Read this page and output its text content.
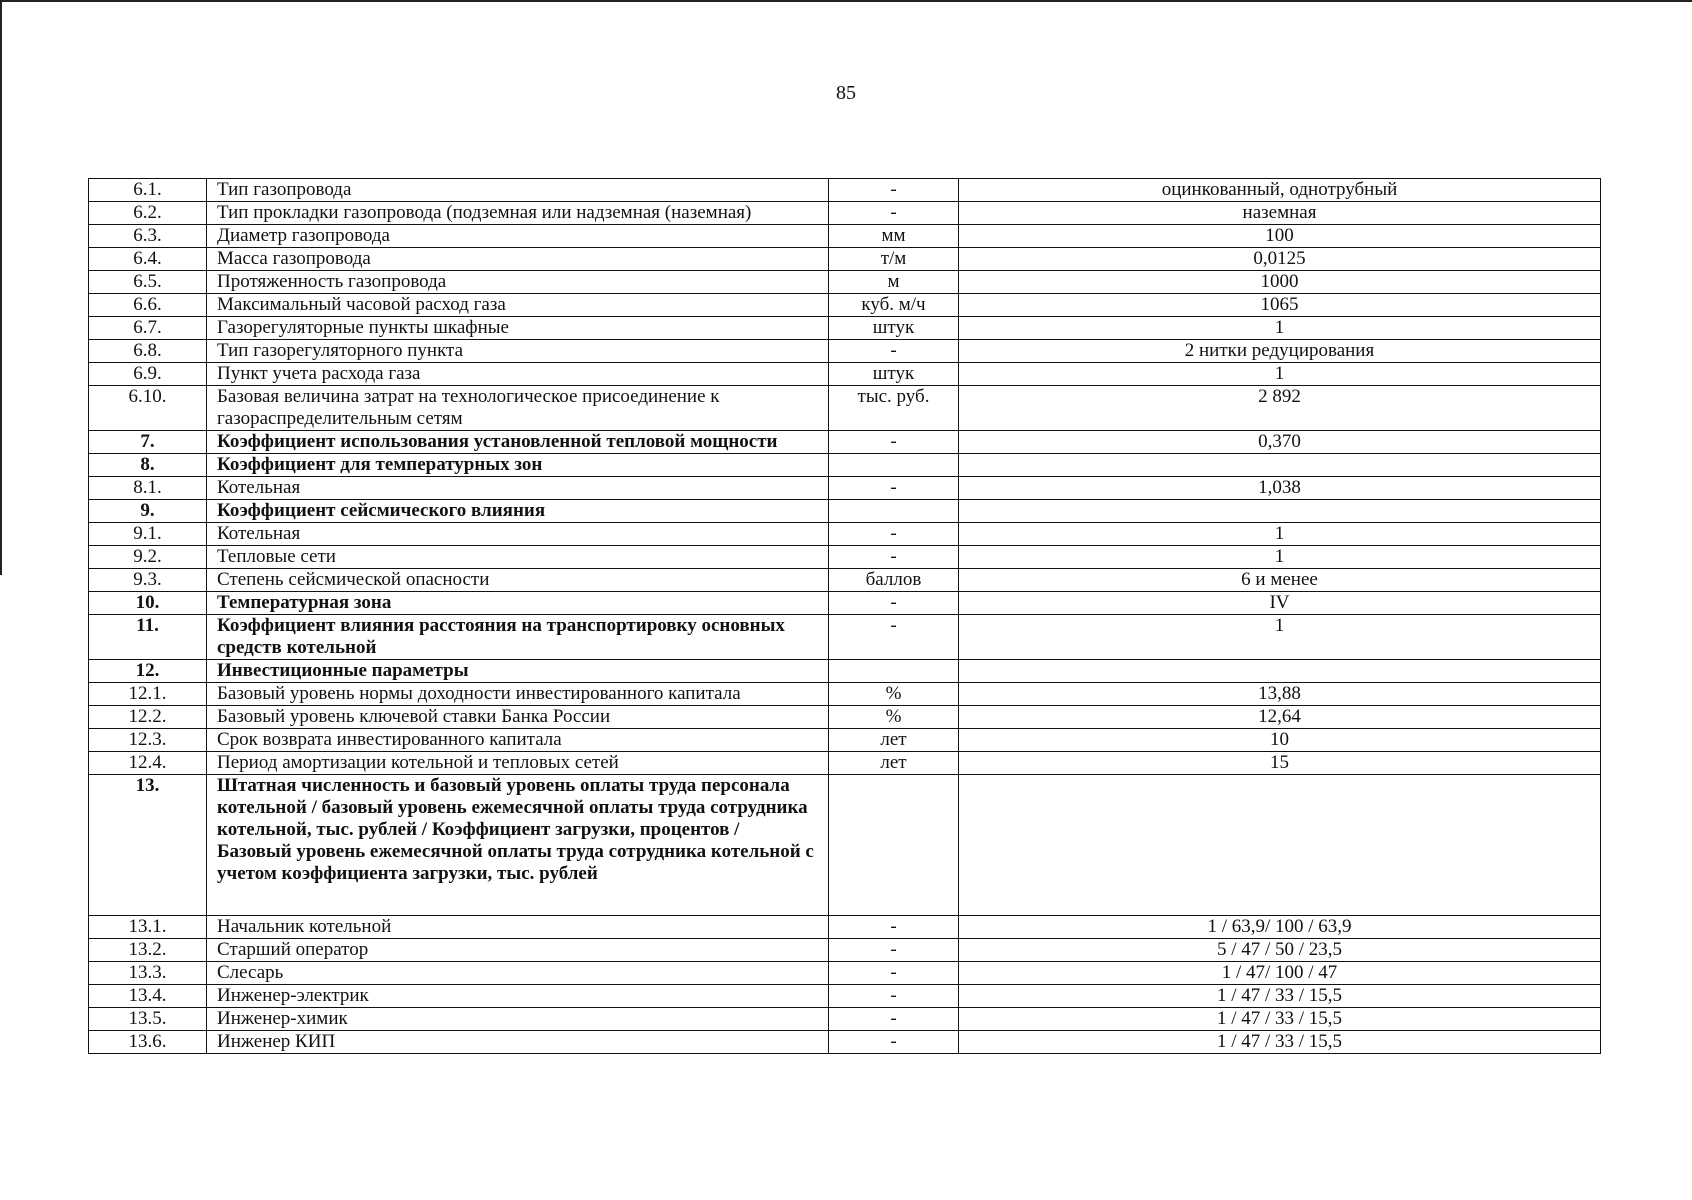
85
6.1.	Тип газопровода	-	оцинкованный, однотрубный
6.2.	Тип прокладки газопровода (подземная или надземная (наземная)	-	наземная
6.3.	Диаметр газопровода	мм	100
6.4.	Масса газопровода	т/м	0,0125
6.5.	Протяженность газопровода	м	1000
6.6.	Максимальный часовой расход газа	куб. м/ч	1065
6.7.	Газорегуляторные пункты шкафные	штук	1
6.8.	Тип газорегуляторного пункта	-	2 нитки редуцирования
6.9.	Пункт учета расхода газа	штук	1
6.10.	Базовая величина затрат на технологическое присоединение к газораспределительным сетям	тыс. руб.	2 892
7.	Коэффициент использования установленной тепловой мощности	-	0,370
8.	Коэффициент для температурных зон		
8.1.	Котельная	-	1,038
9.	Коэффициент сейсмического влияния		
9.1.	Котельная	-	1
9.2.	Тепловые сети	-	1
9.3.	Степень сейсмической опасности	баллов	6 и менее
10.	Температурная зона	-	IV
11.	Коэффициент влияния расстояния на транспортировку основных средств котельной	-	1
12.	Инвестиционные параметры		
12.1.	Базовый уровень нормы доходности инвестированного капитала	%	13,88
12.2.	Базовый уровень ключевой ставки Банка России	%	12,64
12.3.	Срок возврата инвестированного капитала	лет	10
12.4.	Период амортизации котельной и тепловых сетей	лет	15
13.	Штатная численность и базовый уровень оплаты труда персонала котельной / базовый уровень ежемесячной оплаты труда сотрудника котельной, тыс. рублей / Коэффициент загрузки, процентов / Базовый уровень ежемесячной оплаты труда сотрудника котельной с учетом коэффициента загрузки, тыс. рублей		
13.1.	Начальник котельной	-	1 / 63,9/ 100 / 63,9
13.2.	Старший оператор	-	5 / 47 / 50 / 23,5
13.3.	Слесарь	-	1 / 47/ 100 / 47
13.4.	Инженер-электрик	-	1 / 47 / 33 / 15,5
13.5.	Инженер-химик	-	1 / 47 / 33 / 15,5
13.6.	Инженер КИП	-	1 / 47 / 33 / 15,5
